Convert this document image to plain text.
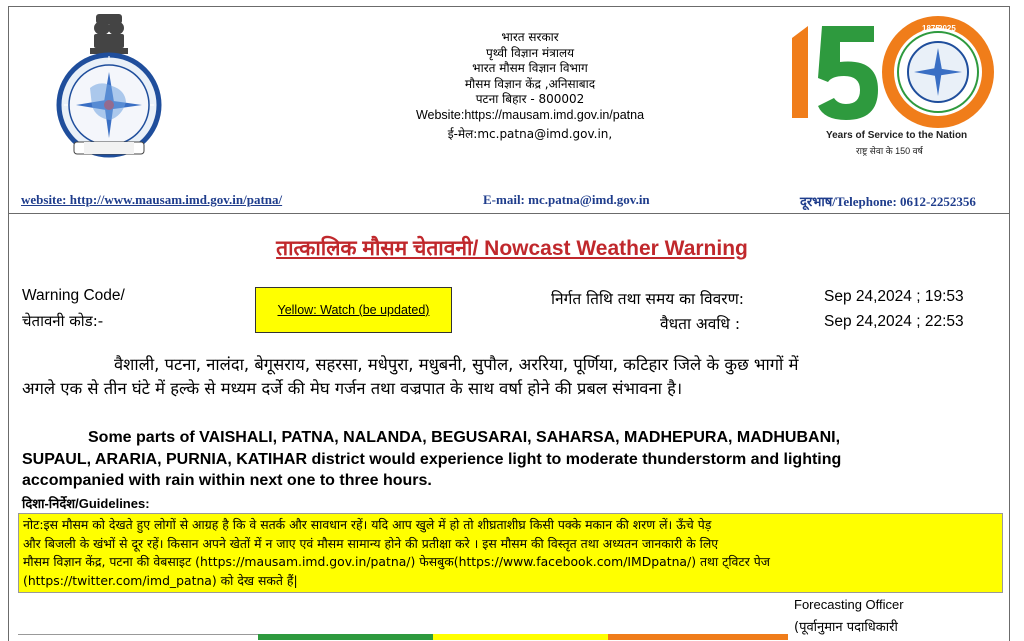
भारत सरकार
पृथ्वी विज्ञान मंत्रालय
भारत मौसम विज्ञान विभाग
मौसम विज्ञान केंद्र ,अनिसाबाद
पटना बिहार - 800002
Website:https://mausam.imd.gov.in/patna
ई-मेल:mc.patna@imd.gov.in,
1875
2025
Years of Service to the Nation
राष्ट्र सेवा के 150 वर्ष
website: http://www.mausam.imd.gov.in/patna/	E-mail: mc.patna@imd.gov.in	दूरभाष/Telephone: 0612-2252356
तात्कालिक मौसम चेतावनी/ Nowcast Weather Warning
Warning Code/
चेतावनी कोड:-
Yellow: Watch (be updated)
निर्गत तिथि तथा समय का विवरण:	Sep 24,2024 ; 19:53
वैधता अवधि :	Sep 24,2024 ; 22:53
वैशाली, पटना, नालंदा, बेगूसराय, सहरसा, मधेपुरा, मधुबनी, सुपौल, अररिया, पूर्णिया, कटिहार जिले के कुछ भागों में
अगले एक से तीन घंटे में हल्के से मध्यम दर्जे की मेघ गर्जन तथा वज्रपात के साथ वर्षा होने की प्रबल संभावना है।
Some parts of VAISHALI, PATNA, NALANDA, BEGUSARAI, SAHARSA, MADHEPURA, MADHUBANI,
SUPAUL, ARARIA, PURNIA, KATIHAR district would experience light to moderate thunderstorm and lighting
accompanied with rain within next one to three hours.
दिशा-निर्देश/Guidelines:
नोट:इस मौसम को देखते हुए लोगों से आग्रह है कि वे सतर्क और सावधान रहें। यदि आप खुले में हो तो शीघ्रताशीघ्र किसी पक्के मकान की शरण लें। ऊँचे पेड़
और बिजली के खंभों से दूर रहें। किसान अपने खेतों में न जाए एवं मौसम सामान्य होने की प्रतीक्षा करे । इस मौसम की विस्तृत तथा अध्यतन जानकारी के लिए
मौसम विज्ञान केंद्र, पटना की वेबसाइट (https://mausam.imd.gov.in/patna/) फेसबुक(https://www.facebook.com/IMDpatna/) तथा ट्विटर पेज
(https://twitter.com/imd_patna) को देख सकते हैं|
Forecasting Officer
(पूर्वानुमान पदाधिकारी
